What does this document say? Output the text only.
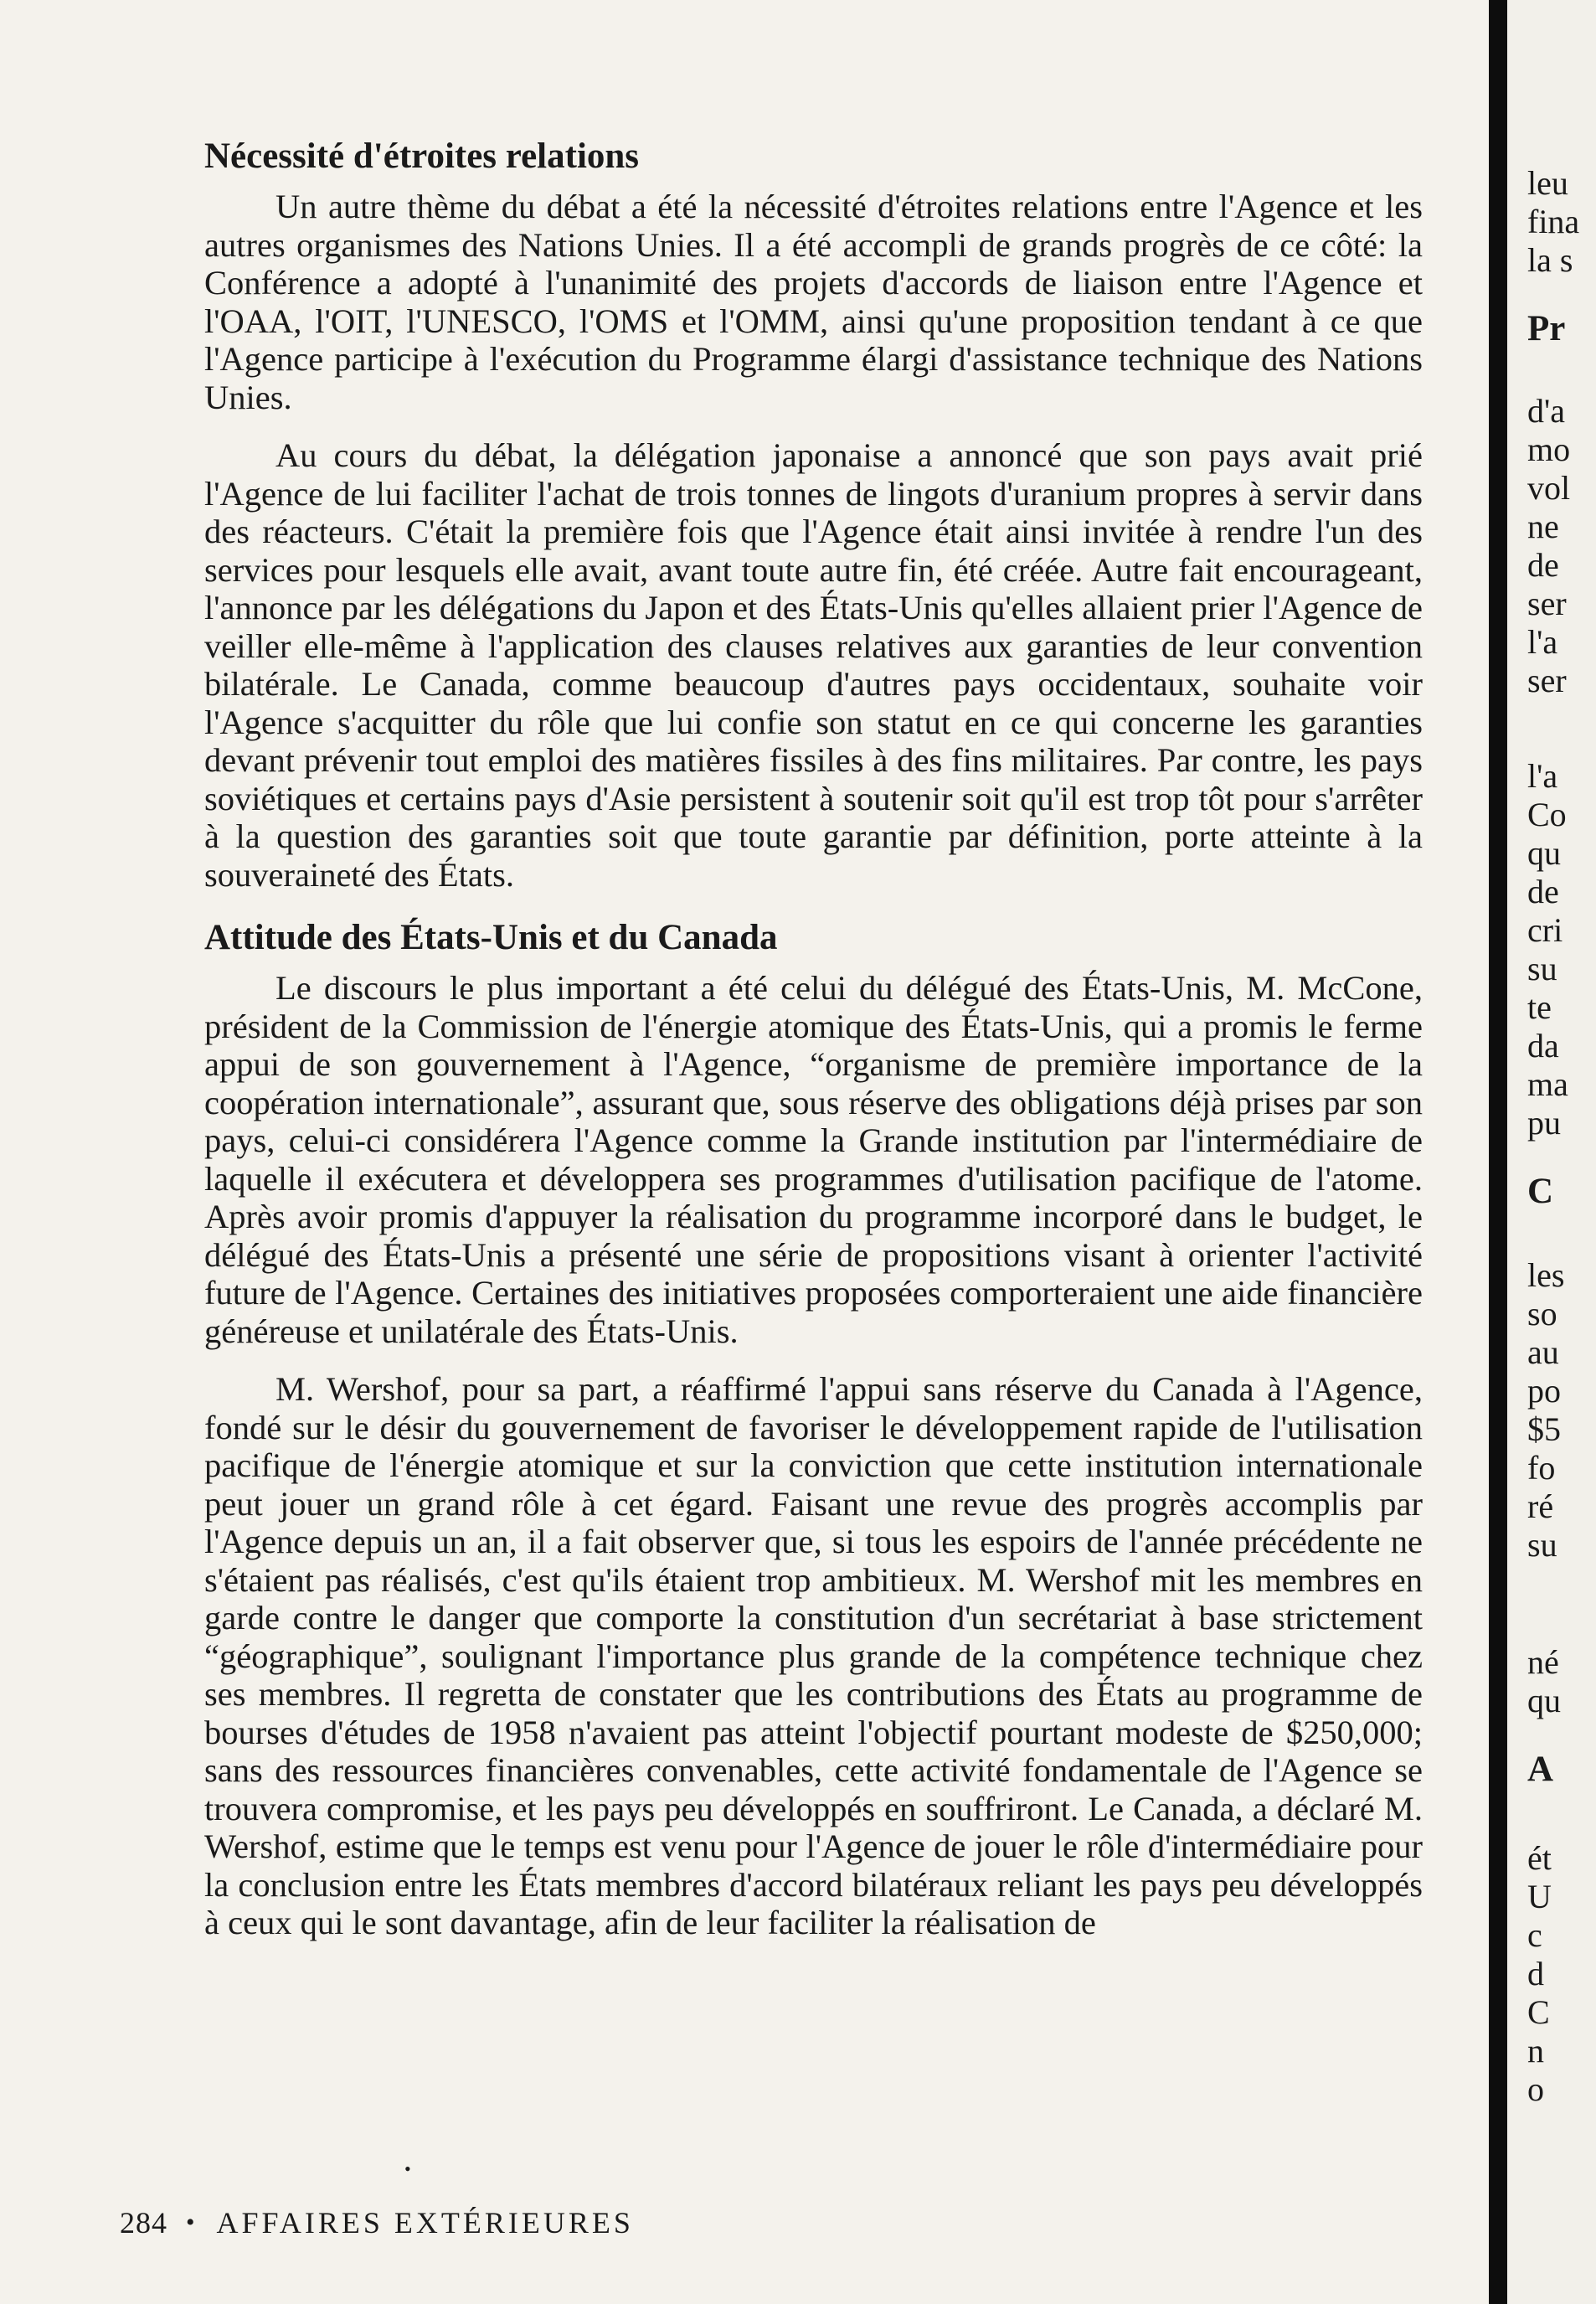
Nécessité d'étroites relations

Un autre thème du débat a été la nécessité d'étroites relations entre l'Agence et les autres organismes des Nations Unies. Il a été accompli de grands progrès de ce côté: la Conférence a adopté à l'unanimité des projets d'accords de liaison entre l'Agence et l'OAA, l'OIT, l'UNESCO, l'OMS et l'OMM, ainsi qu'une proposition tendant à ce que l'Agence participe à l'exécution du Programme élargi d'assistance technique des Nations Unies.

Au cours du débat, la délégation japonaise a annoncé que son pays avait prié l'Agence de lui faciliter l'achat de trois tonnes de lingots d'uranium propres à servir dans des réacteurs. C'était la première fois que l'Agence était ainsi invitée à rendre l'un des services pour lesquels elle avait, avant toute autre fin, été créée. Autre fait encourageant, l'annonce par les délégations du Japon et des États-Unis qu'elles allaient prier l'Agence de veiller elle-même à l'application des clauses relatives aux garanties de leur convention bilatérale. Le Canada, comme beaucoup d'autres pays occidentaux, souhaite voir l'Agence s'acquitter du rôle que lui confie son statut en ce qui concerne les garanties devant prévenir tout emploi des matières fissiles à des fins militaires. Par contre, les pays soviétiques et certains pays d'Asie persistent à soutenir soit qu'il est trop tôt pour s'arrêter à la question des garanties soit que toute garantie par définition, porte atteinte à la souveraineté des États.

Attitude des États-Unis et du Canada

Le discours le plus important a été celui du délégué des États-Unis, M. McCone, président de la Commission de l'énergie atomique des États-Unis, qui a promis le ferme appui de son gouvernement à l'Agence, “organisme de première importance de la coopération internationale”, assurant que, sous réserve des obligations déjà prises par son pays, celui-ci considérera l'Agence comme la Grande institution par l'intermédiaire de laquelle il exécutera et développera ses programmes d'utilisation pacifique de l'atome. Après avoir promis d'appuyer la réalisation du programme incorporé dans le budget, le délégué des États-Unis a présenté une série de propositions visant à orienter l'activité future de l'Agence. Certaines des initiatives proposées comporteraient une aide financière généreuse et unilatérale des États-Unis.

M. Wershof, pour sa part, a réaffirmé l'appui sans réserve du Canada à l'Agence, fondé sur le désir du gouvernement de favoriser le développement rapide de l'utilisation pacifique de l'énergie atomique et sur la conviction que cette institution internationale peut jouer un grand rôle à cet égard. Faisant une revue des progrès accomplis par l'Agence depuis un an, il a fait observer que, si tous les espoirs de l'année précédente ne s'étaient pas réalisés, c'est qu'ils étaient trop ambitieux. M. Wershof mit les membres en garde contre le danger que comporte la constitution d'un secrétariat à base strictement “géographique”, soulignant l'importance plus grande de la compétence technique chez ses membres. Il regretta de constater que les contributions des États au programme de bourses d'études de 1958 n'avaient pas atteint l'objectif pourtant modeste de $250,000; sans des ressources financières convenables, cette activité fondamentale de l'Agence se trouvera compromise, et les pays peu développés en souffriront. Le Canada, a déclaré M. Wershof, estime que le temps est venu pour l'Agence de jouer le rôle d'intermédiaire pour la conclusion entre les États membres d'accord bilatéraux reliant les pays peu développés à ceux qui le sont davantage, afin de leur faciliter la réalisation de

•
284 • AFFAIRES EXTÉRIEURES
leu
fina
la s
Pr
d'a
mo
vol
ne
de
ser
l'a
ser
l'a
Co
qu
de
cri
su
te
da
ma
pu
C
les
so
au
po
$5
fo
ré
su
né
qu
A
ét
U
c
d
C
n
o
